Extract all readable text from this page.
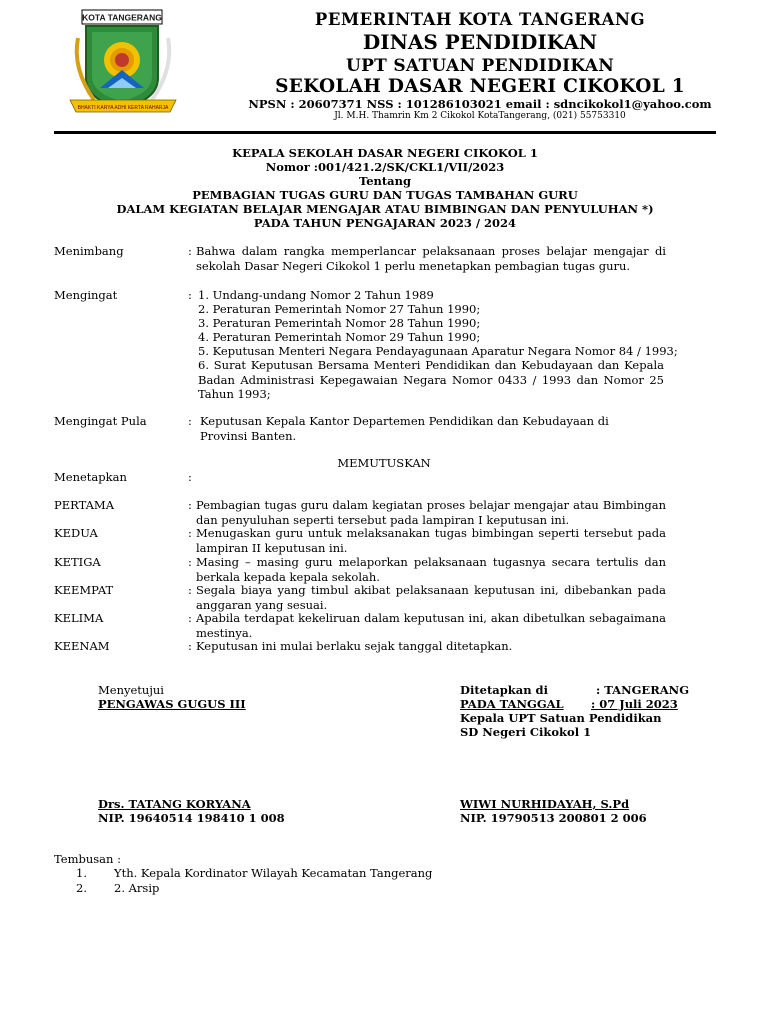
KOTA TANGERANG
BHAKTI KARYA ADHI KERTA RAHARJA
PEMERINTAH KOTA TANGERANG
DINAS PENDIDIKAN
UPT SATUAN PENDIDIKAN
SEKOLAH DASAR NEGERI CIKOKOL 1
NPSN : 20607371 NSS : 101286103021 email : sdncikokol1@yahoo.com
Jl. M.H. Thamrin Km 2 Cikokol KotaTangerang, (021) 55753310
KEPALA SEKOLAH DASAR NEGERI CIKOKOL 1
Nomor :001/421.2/SK/CKL1/VII/2023
Tentang
PEMBAGIAN TUGAS GURU DAN TUGAS TAMBAHAN GURU
DALAM KEGIATAN BELAJAR MENGAJAR ATAU BIMBINGAN DAN PENYULUHAN *)
PADA TAHUN PENGAJARAN 2023 / 2024
Menimbang	: Bahwa dalam rangka memperlancar pelaksanaan proses belajar mengajar di sekolah Dasar Negeri Cikokol 1 perlu menetapkan pembagian tugas guru.
Mengingat	: 1. Undang-undang Nomor 2 Tahun 1989
2. Peraturan Pemerintah Nomor 27 Tahun 1990;
3. Peraturan Pemerintah Nomor 28 Tahun 1990;
4. Peraturan Pemerintah Nomor 29 Tahun 1990;
5. Keputusan Menteri Negara Pendayagunaan Aparatur Negara Nomor 84 / 1993;
6. Surat Keputusan Bersama Menteri Pendidikan dan Kebudayaan dan Kepala Badan Administrasi Kepegawaian Negara Nomor 0433 / 1993 dan Nomor 25 Tahun 1993;
Mengingat Pula	: Keputusan Kepala Kantor Departemen Pendidikan dan Kebudayaan di Provinsi Banten.
MEMUTUSKAN
Menetapkan	:
PERTAMA	: Pembagian tugas guru dalam kegiatan proses belajar mengajar atau Bimbingan dan penyuluhan seperti tersebut pada lampiran I keputusan ini.
KEDUA	: Menugaskan guru untuk melaksanakan tugas bimbingan seperti tersebut pada lampiran II keputusan ini.
KETIGA	: Masing – masing guru melaporkan pelaksanaan tugasnya secara tertulis dan berkala kepada kepala sekolah.
KEEMPAT	: Segala biaya yang timbul akibat pelaksanaan keputusan ini, dibebankan pada anggaran yang sesuai.
KELIMA	: Apabila terdapat kekeliruan dalam keputusan ini, akan dibetulkan sebagaimana mestinya.
KEENAM	: Keputusan ini mulai berlaku sejak tanggal ditetapkan.
Menyetujui
PENGAWAS GUGUS III
Drs. TATANG KORYANA
NIP. 19640514 198410 1 008
Ditetapkan di	: TANGERANG
PADA TANGGAL	: 07 Juli 2023
Kepala UPT Satuan Pendidikan
SD Negeri Cikokol 1
WIWI NURHIDAYAH, S.Pd
NIP. 19790513 200801 2 006
Tembusan :
1. Yth. Kepala Kordinator Wilayah Kecamatan Tangerang
2. 2. Arsip
